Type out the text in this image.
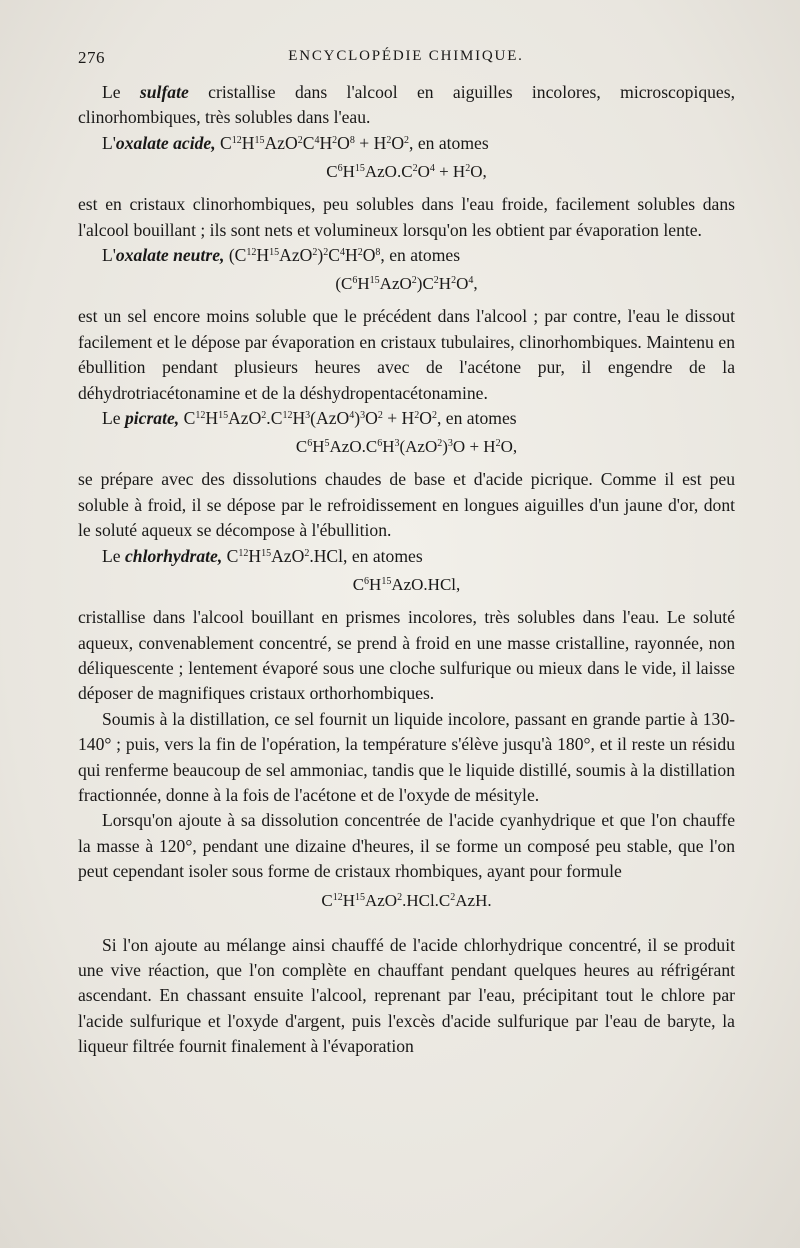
276	ENCYCLOPÉDIE CHIMIQUE.

Le sulfate cristallise dans l'alcool en aiguilles incolores, microscopiques, clinorhombiques, très solubles dans l'eau.

L'oxalate acide, $C^{12}H^{15}AzO^2C^4H^2O^8 + H^2O^2$, en atomes

$C^6H^{15}AzO.C^2O^4 + H^2O$,

est en cristaux clinorhombiques, peu solubles dans l'eau froide, facilement solubles dans l'alcool bouillant ; ils sont nets et volumineux lorsqu'on les obtient par évaporation lente.

L'oxalate neutre, $(C^{12}H^{15}AzO^2)^2C^4H^2O^8$, en atomes

$(C^6H^{15}AzO^2)C^2H^2O^4$,

est un sel encore moins soluble que le précédent dans l'alcool ; par contre, l'eau le dissout facilement et le dépose par évaporation en cristaux tubulaires, clinorhombiques. Maintenu en ébullition pendant plusieurs heures avec de l'acétone pur, il engendre de la déhydrotriacétonamine et de la déshydropentacétonamine.

Le picrate, $C^{12}H^{15}AzO^2.C^{12}H^3(AzO^4)^3O^2 + H^2O^2$, en atomes

$C^6H^5AzO.C^6H^3(AzO^2)^3O + H^2O$,

se prépare avec des dissolutions chaudes de base et d'acide picrique. Comme il est peu soluble à froid, il se dépose par le refroidissement en longues aiguilles d'un jaune d'or, dont le soluté aqueux se décompose à l'ébullition.

Le chlorhydrate, $C^{12}H^{15}AzO^2.HCl$, en atomes

$C^6H^{15}AzO.HCl$,

cristallise dans l'alcool bouillant en prismes incolores, très solubles dans l'eau. Le soluté aqueux, convenablement concentré, se prend à froid en une masse cristalline, rayonnée, non déliquescente ; lentement évaporé sous une cloche sulfurique ou mieux dans le vide, il laisse déposer de magnifiques cristaux orthorhombiques.

Soumis à la distillation, ce sel fournit un liquide incolore, passant en grande partie à 130-140° ; puis, vers la fin de l'opération, la température s'élève jusqu'à 180°, et il reste un résidu qui renferme beaucoup de sel ammoniac, tandis que le liquide distillé, soumis à la distillation fractionnée, donne à la fois de l'acétone et de l'oxyde de mésityle.

Lorsqu'on ajoute à sa dissolution concentrée de l'acide cyanhydrique et que l'on chauffe la masse à 120°, pendant une dizaine d'heures, il se forme un composé peu stable, que l'on peut cependant isoler sous forme de cristaux rhombiques, ayant pour formule

$C^{12}H^{15}AzO^2.HCl.C^2AzH$.

Si l'on ajoute au mélange ainsi chauffé de l'acide chlorhydrique concentré, il se produit une vive réaction, que l'on complète en chauffant pendant quelques heures au réfrigérant ascendant. En chassant ensuite l'alcool, reprenant par l'eau, précipitant tout le chlore par l'acide sulfurique et l'oxyde d'argent, puis l'excès d'acide sulfurique par l'eau de baryte, la liqueur filtrée fournit finalement à l'évaporation
